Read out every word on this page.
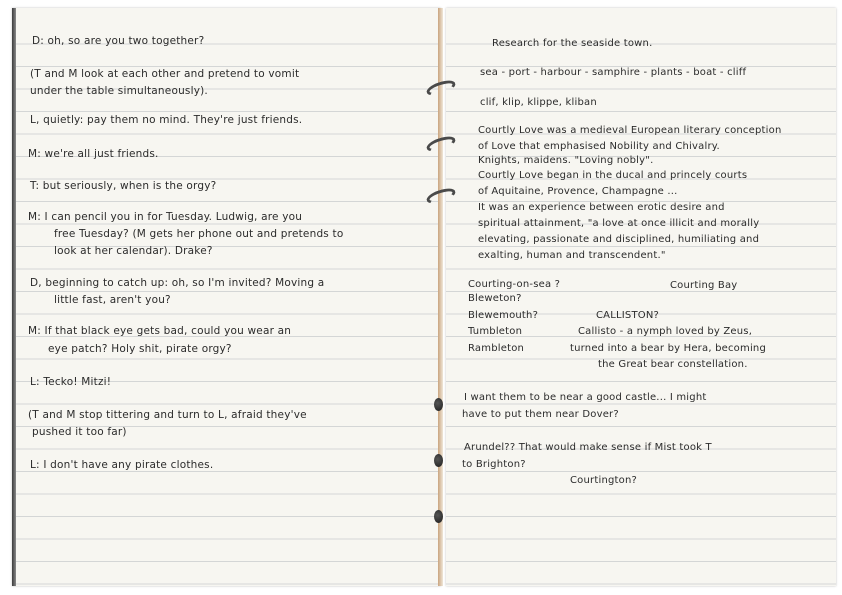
D: oh, so are you two together?

(T and M look at each other and pretend to vomit

under the table simultaneously).

L, quietly: pay them no mind. They're just friends.

M: we're all just friends.

T: but seriously, when is the orgy?

M: I can pencil you in for Tuesday. Ludwig, are you

free Tuesday? (M gets her phone out and pretends to

look at her calendar). Drake?

D, beginning to catch up: oh, so I'm invited? Moving a

little fast, aren't you?

M: If that black eye gets bad, could you wear an

eye patch? Holy shit, pirate orgy?

L: Tecko! Mitzi!

(T and M stop tittering and turn to L, afraid they've

pushed it too far)

L: I don't have any pirate clothes.

Research for the seaside town.

sea - port - harbour - samphire - plants - boat - cliff

clif, klip, klippe, kliban

Courtly Love was a medieval European literary conception

of Love that emphasised Nobility and Chivalry.

Knights, maidens. "Loving nobly".

Courtly Love began in the ducal and princely courts

of Aquitaine, Provence, Champagne ...

It was an experience between erotic desire and

spiritual attainment, "a love at once illicit and morally

elevating, passionate and disciplined, humiliating and

exalting, human and transcendent."

Courting-on-sea ?	Courting Bay

Bleweton?

Blewemouth?	CALLISTON?

Tumbleton	Callisto - a nymph loved by Zeus,

Rambleton	turned into a bear by Hera, becoming

the Great bear constellation.

I want them to be near a good castle... I might

have to put them near Dover?

Arundel?? That would make sense if Mist took T

to Brighton?

Courtington?
